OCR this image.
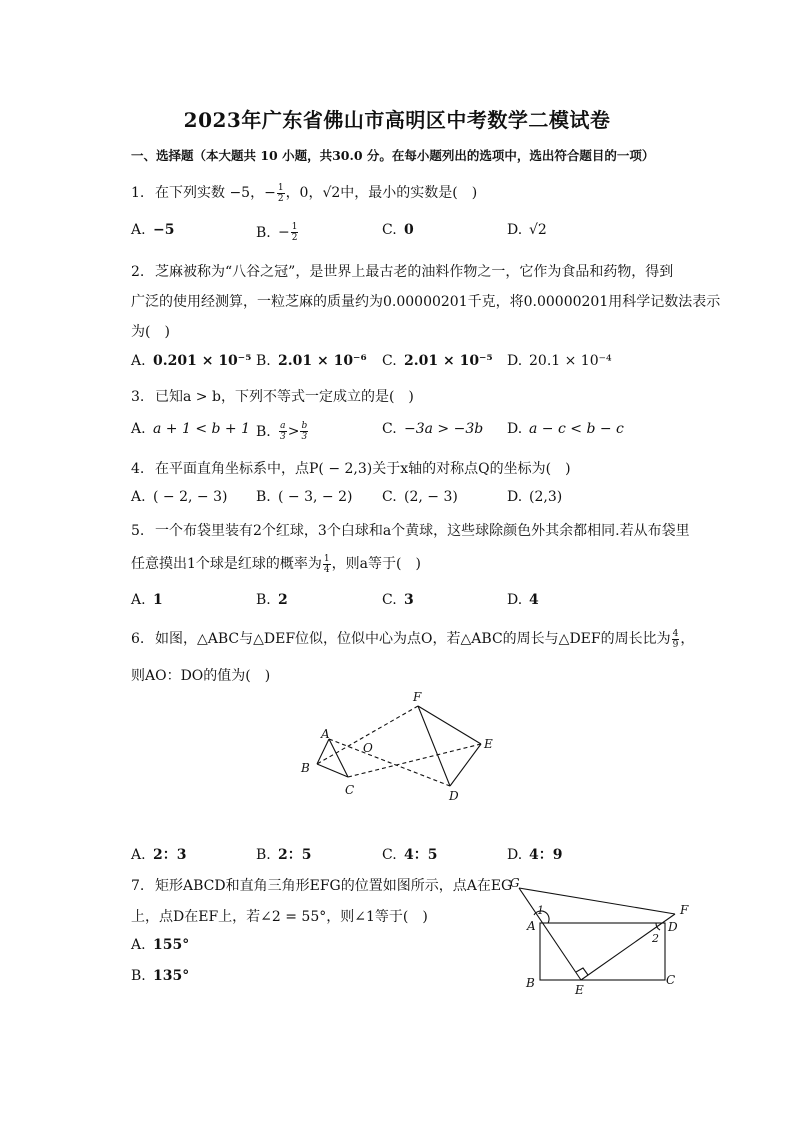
2023年广东省佛山市高明区中考数学二模试卷
一、选择题（本大题共 10 小题，共30.0 分。在每小题列出的选项中，选出符合题目的一项）
1. 在下列实数 −5，− $\frac{1}{2}$ ，0，√2中，最小的实数是(　)
A. −5	B. − $\frac{1}{2}$	C. 0	D. √2
2. 芝麻被称为“八谷之冠”，是世界上最古老的油料作物之一，它作为食品和药物，得到
广泛的使用经测算，一粒芝麻的质量约为0.00000201千克，将0.00000201用科学记数法表示
为(　)
A. 0.201 × 10⁻⁵ B. 2.01 × 10⁻⁶ C. 2.01 × 10⁻⁵ D. 20.1 × 10⁻⁴
3. 已知a > b，下列不等式一定成立的是(　)
A. a + 1 < b + 1 B. $\frac{a}{3} > \frac{b}{3}$	C. −3a > −3b D. a − c < b − c
4. 在平面直角坐标系中，点P( − 2,3)关于x轴的对称点Q的坐标为(　)
A. ( − 2, − 3) B. ( − 3, − 2) C. (2, − 3)	D. (2,3)
5. 一个布袋里装有2个红球，3个白球和a个黄球，这些球除颜色外其余都相同.若从布袋里
任意摸出1个球是红球的概率为 $\frac{1}{4}$ ，则a等于(　)
A. 1	B. 2	C. 3	D. 4
6. 如图，△ABC与△DEF位似，位似中心为点O，若△ABC的周长与△DEF的周长比为 $\frac{4}{9}$ ，
则AO：DO的值为(　)
F
A
O	E
B
C	D
A. 2：3	B. 2：5	C. 4：5	D. 4：9
7. 矩形ABCD和直角三角形EFG的位置如图所示，点A在EG
上，点D在EF上，若∠2 = 55°，则∠1等于(　)
A. 155°
B. 135°
G
F
1
A
2
D
B	E
C
